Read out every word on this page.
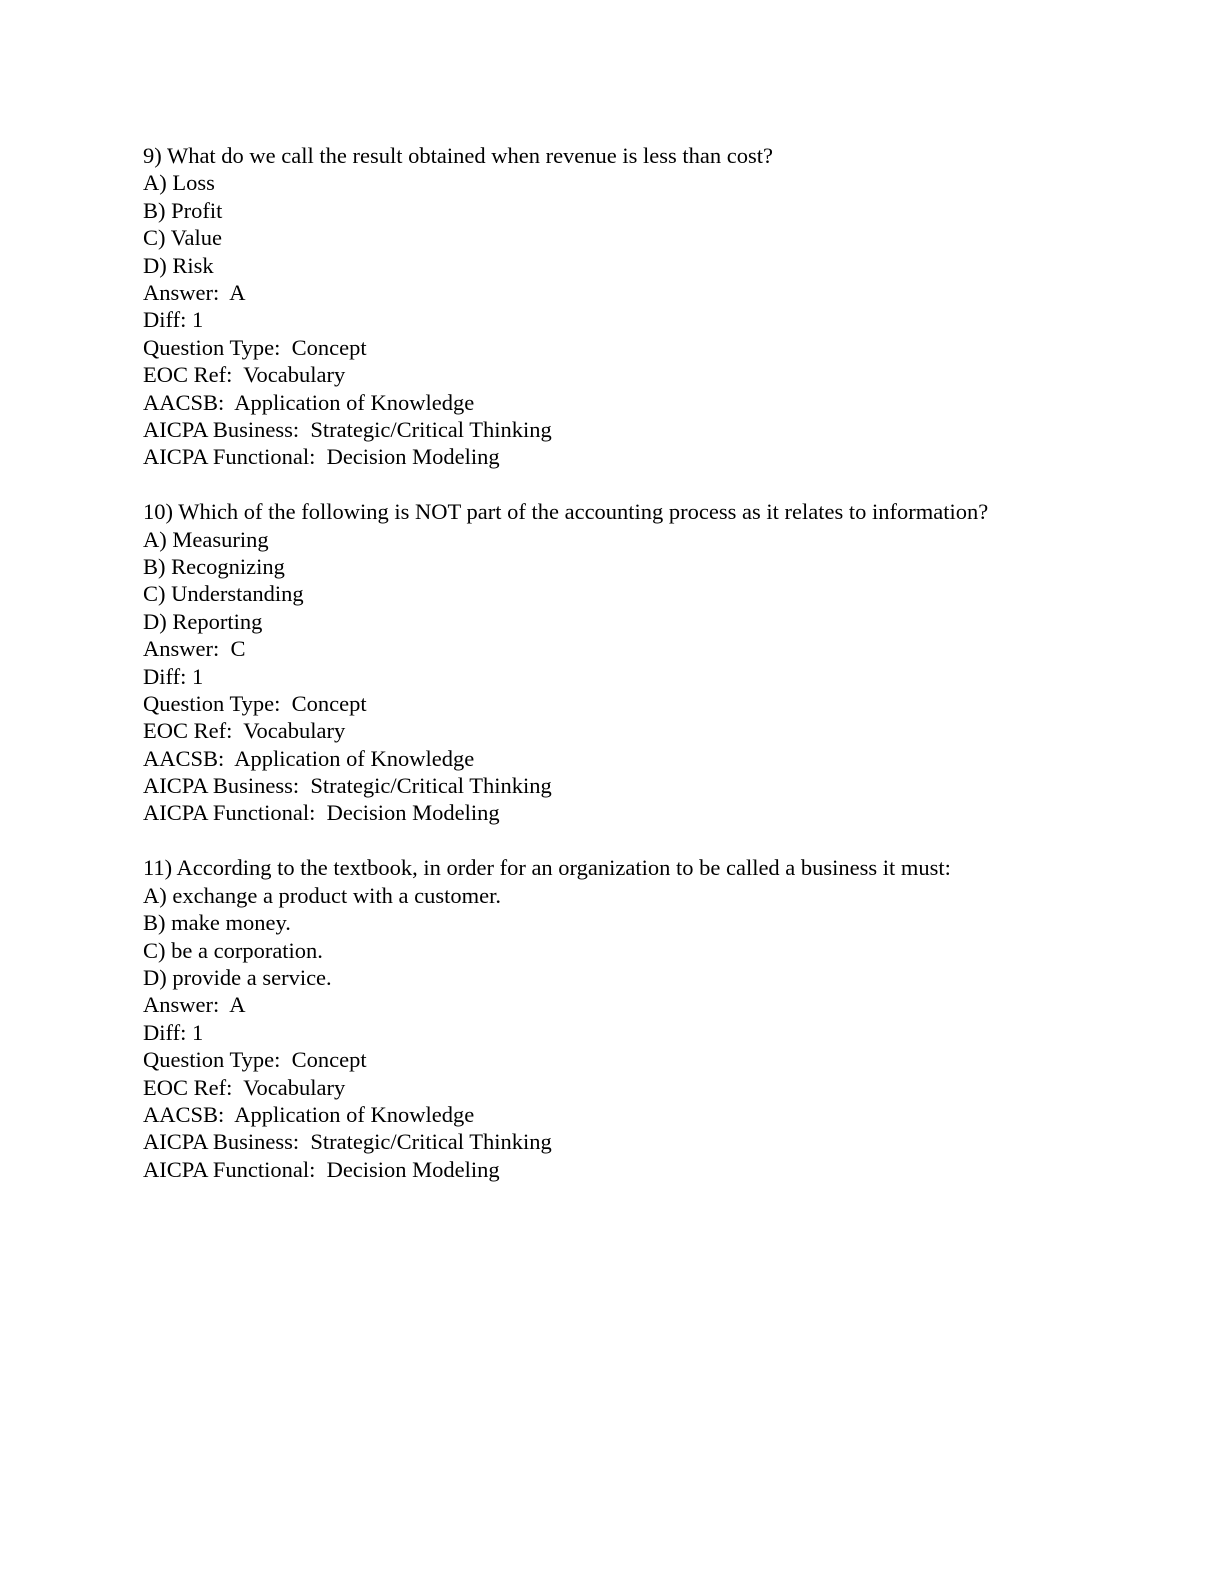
9) What do we call the result obtained when revenue is less than cost?
A) Loss
B) Profit
C) Value
D) Risk
Answer:  A
Diff: 1
Question Type:  Concept
EOC Ref:  Vocabulary
AACSB:  Application of Knowledge
AICPA Business:  Strategic/Critical Thinking
AICPA Functional:  Decision Modeling
10) Which of the following is NOT part of the accounting process as it relates to information?
A) Measuring
B) Recognizing
C) Understanding
D) Reporting
Answer:  C
Diff: 1
Question Type:  Concept
EOC Ref:  Vocabulary
AACSB:  Application of Knowledge
AICPA Business:  Strategic/Critical Thinking
AICPA Functional:  Decision Modeling
11) According to the textbook, in order for an organization to be called a business it must:
A) exchange a product with a customer.
B) make money.
C) be a corporation.
D) provide a service.
Answer:  A
Diff: 1
Question Type:  Concept
EOC Ref:  Vocabulary
AACSB:  Application of Knowledge
AICPA Business:  Strategic/Critical Thinking
AICPA Functional:  Decision Modeling
